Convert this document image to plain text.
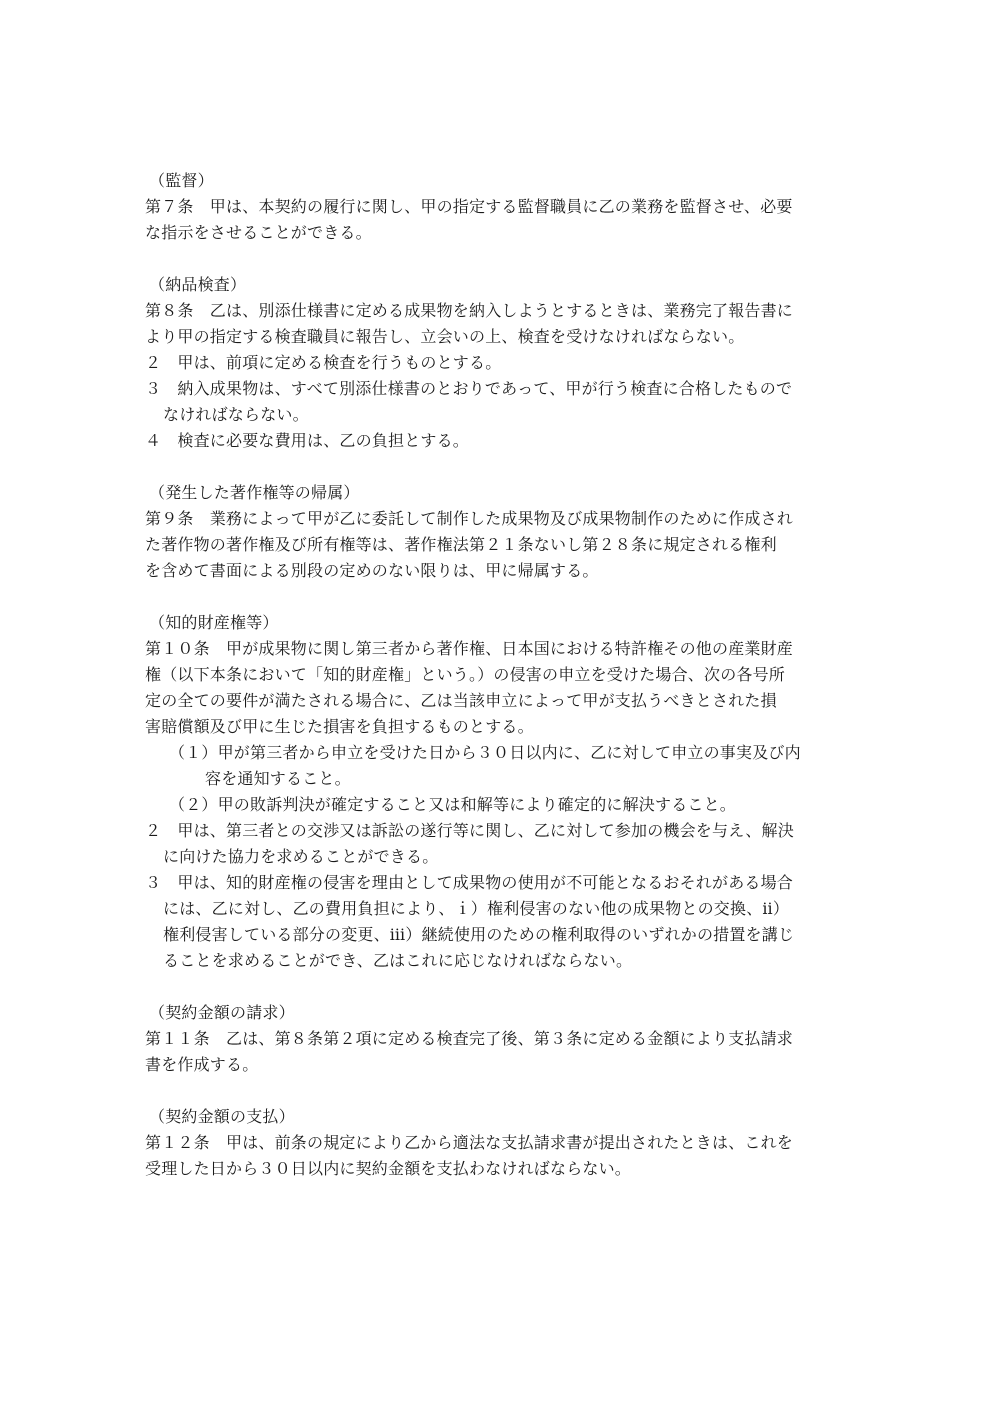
（監督）
第７条　甲は、本契約の履行に関し、甲の指定する監督職員に乙の業務を監督させ、必要
な指示をさせることができる。
（納品検査）
第８条　乙は、別添仕様書に定める成果物を納入しようとするときは、業務完了報告書に
より甲の指定する検査職員に報告し、立会いの上、検査を受けなければならない。
２　甲は、前項に定める検査を行うものとする。
３　納入成果物は、すべて別添仕様書のとおりであって、甲が行う検査に合格したもので
なければならない。
４　検査に必要な費用は、乙の負担とする。
（発生した著作権等の帰属）
第９条　業務によって甲が乙に委託して制作した成果物及び成果物制作のために作成され
た著作物の著作権及び所有権等は、著作権法第２１条ないし第２８条に規定される権利
を含めて書面による別段の定めのない限りは、甲に帰属する。
（知的財産権等）
第１０条　甲が成果物に関し第三者から著作権、日本国における特許権その他の産業財産
権（以下本条において「知的財産権」という。）の侵害の申立を受けた場合、次の各号所
定の全ての要件が満たされる場合に、乙は当該申立によって甲が支払うべきとされた損
害賠償額及び甲に生じた損害を負担するものとする。
（１）甲が第三者から申立を受けた日から３０日以内に、乙に対して申立の事実及び内
容を通知すること。
（２）甲の敗訴判決が確定すること又は和解等により確定的に解決すること。
２　甲は、第三者との交渉又は訴訟の遂行等に関し、乙に対して参加の機会を与え、解決
に向けた協力を求めることができる。
３　甲は、知的財産権の侵害を理由として成果物の使用が不可能となるおそれがある場合
には、乙に対し、乙の費用負担により、ｉ）権利侵害のない他の成果物との交換、ⅱ）
権利侵害している部分の変更、ⅲ）継続使用のための権利取得のいずれかの措置を講じ
ることを求めることができ、乙はこれに応じなければならない。
（契約金額の請求）
第１１条　乙は、第８条第２項に定める検査完了後、第３条に定める金額により支払請求
書を作成する。
（契約金額の支払）
第１２条　甲は、前条の規定により乙から適法な支払請求書が提出されたときは、これを
受理した日から３０日以内に契約金額を支払わなければならない。
